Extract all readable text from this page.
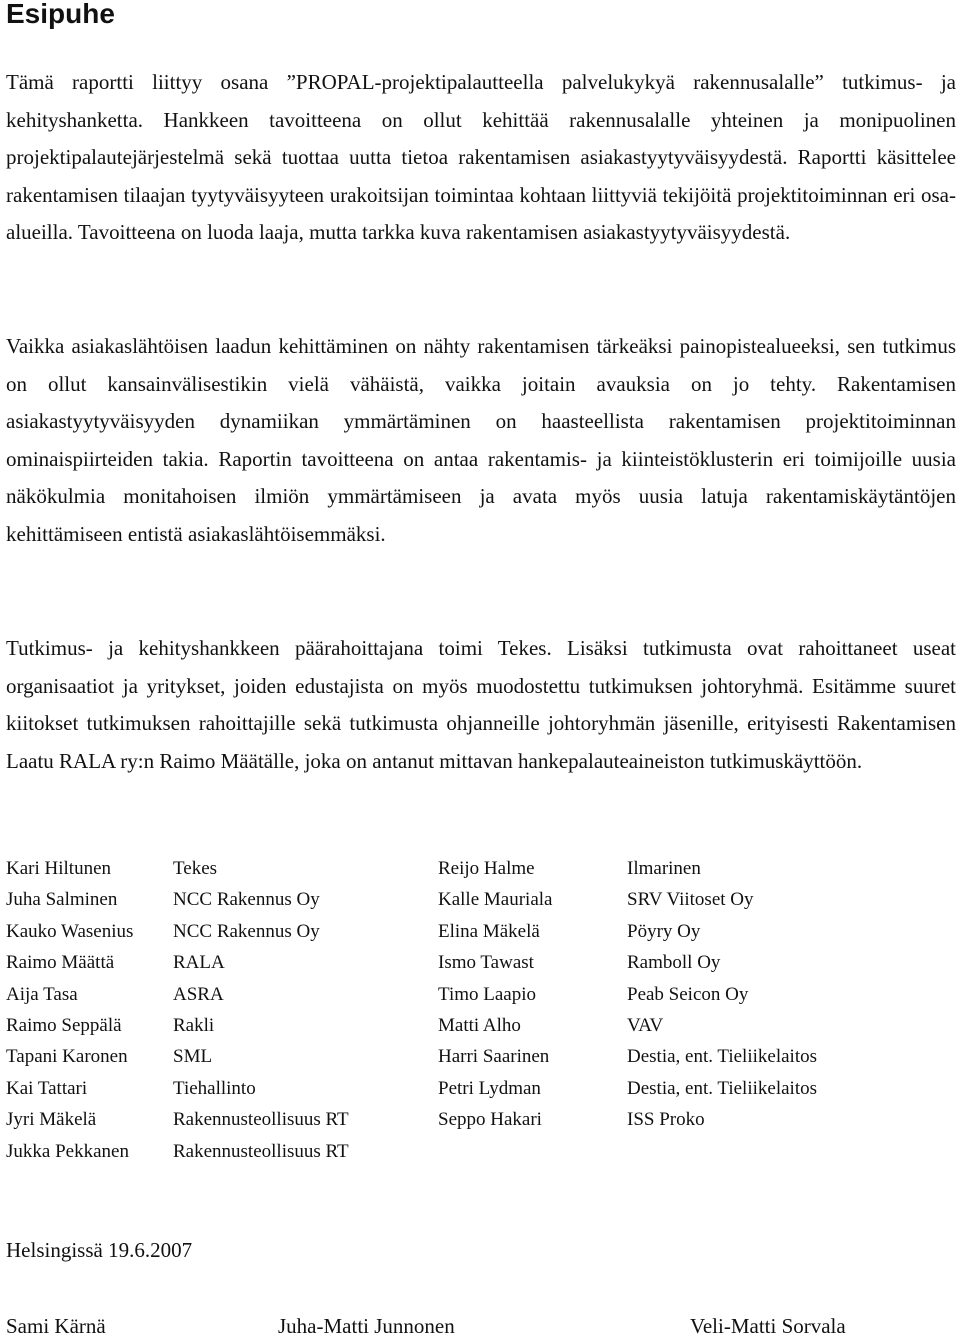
Esipuhe

Tämä raportti liittyy osana ”PROPAL-projektipalautteella palvelukykyä rakennusalalle” tutkimus- ja kehityshanketta. Hankkeen tavoitteena on ollut kehittää rakennusalalle yhteinen ja monipuolinen projektipalautejärjestelmä sekä tuottaa uutta tietoa rakentamisen asiakastyytyväisyydestä. Raportti käsittelee rakentamisen tilaajan tyytyväisyyteen urakoitsijan toimintaa kohtaan liittyviä tekijöitä projektitoiminnan eri osa-alueilla. Tavoitteena on luoda laaja, mutta tarkka kuva rakentamisen asiakastyytyväisyydestä.

Vaikka asiakaslähtöisen laadun kehittäminen on nähty rakentamisen tärkeäksi painopistealueeksi, sen tutkimus on ollut kansainvälisestikin vielä vähäistä, vaikka joitain avauksia on jo tehty. Rakentamisen asiakastyytyväisyyden dynamiikan ymmärtäminen on haasteellista rakentamisen projektitoiminnan ominaispiirteiden takia. Raportin tavoitteena on antaa rakentamis- ja kiinteistöklusterin eri toimijoille uusia näkökulmia monitahoisen ilmiön ymmärtämiseen ja avata myös uusia latuja rakentamiskäytäntöjen kehittämiseen entistä asiakaslähtöisemmäksi.

Tutkimus- ja kehityshankkeen päärahoittajana toimi Tekes. Lisäksi tutkimusta ovat rahoittaneet useat organisaatiot ja yritykset, joiden edustajista on myös muodostettu tutkimuksen johtoryhmä. Esitämme suuret kiitokset tutkimuksen rahoittajille sekä tutkimusta ohjanneille johtoryhmän jäsenille, erityisesti Rakentamisen Laatu RALA ry:n Raimo Määtälle, joka on antanut mittavan hankepalauteaineiston tutkimuskäyttöön.

Kari Hiltunen	Tekes	Reijo Halme	Ilmarinen
Juha Salminen	NCC Rakennus Oy	Kalle Mauriala	SRV Viitoset Oy
Kauko Wasenius	NCC Rakennus Oy	Elina Mäkelä	Pöyry Oy
Raimo Määttä	RALA	Ismo Tawast	Ramboll Oy
Aija Tasa	ASRA	Timo Laapio	Peab Seicon Oy
Raimo Seppälä	Rakli	Matti Alho	VAV
Tapani Karonen	SML	Harri Saarinen	Destia, ent. Tieliikelaitos
Kai Tattari	Tiehallinto	Petri Lydman	Destia, ent. Tieliikelaitos
Jyri Mäkelä	Rakennusteollisuus RT	Seppo Hakari	ISS Proko
Jukka Pekkanen	Rakennusteollisuus RT		

Helsingissä 19.6.2007

Sami Kärnä	Juha-Matti Junnonen	Veli-Matti Sorvala
